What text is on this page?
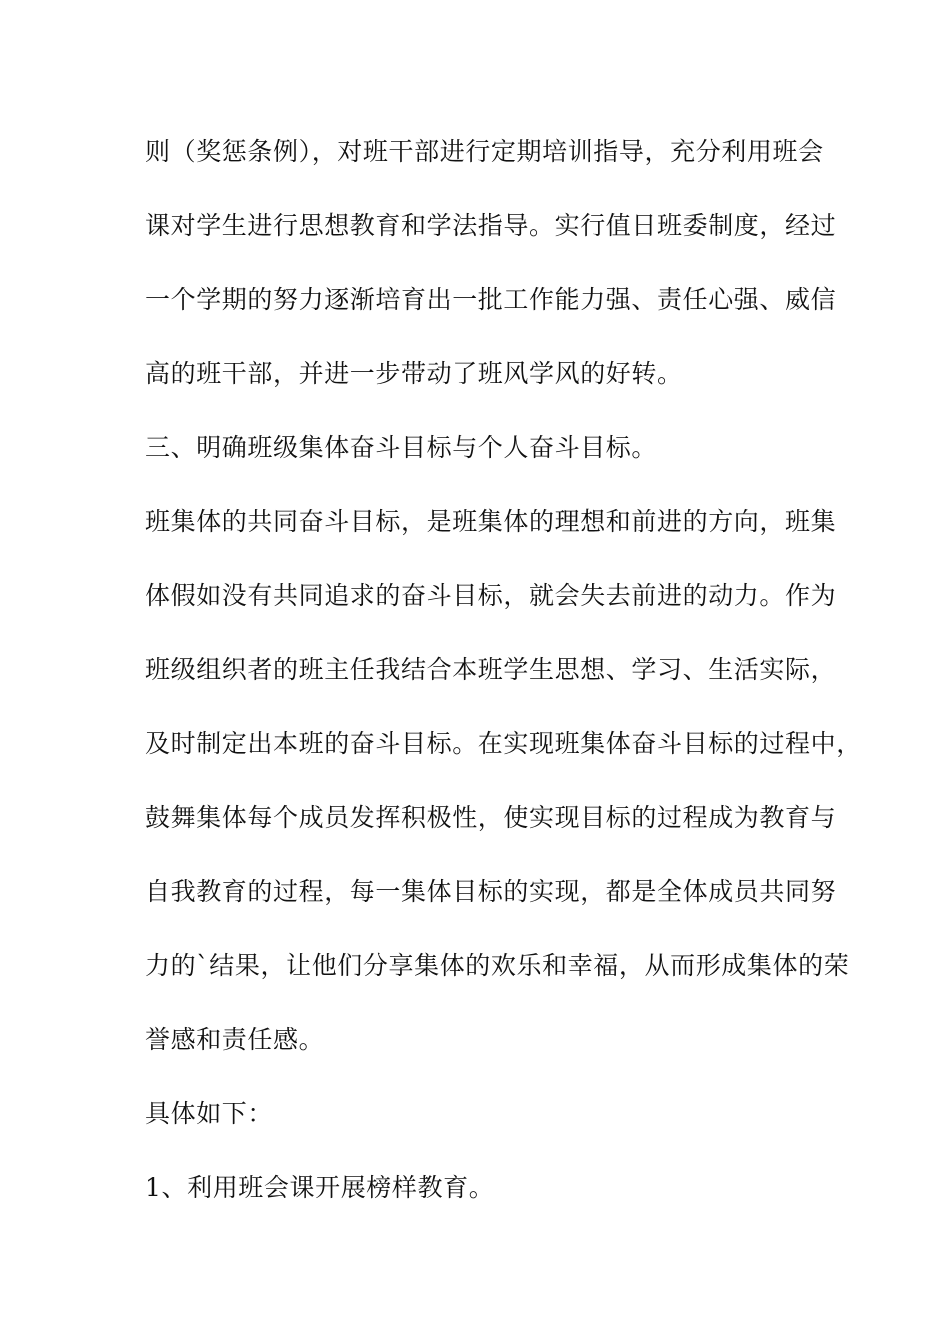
则（奖惩条例），对班干部进行定期培训指导，充分利用班会
课对学生进行思想教育和学法指导。实行值日班委制度，经过
一个学期的努力逐渐培育出一批工作能力强、责任心强、威信
高的班干部，并进一步带动了班风学风的好转。
三、明确班级集体奋斗目标与个人奋斗目标。
班集体的共同奋斗目标，是班集体的理想和前进的方向，班集
体假如没有共同追求的奋斗目标，就会失去前进的动力。作为
班级组织者的班主任我结合本班学生思想、学习、生活实际，
及时制定出本班的奋斗目标。在实现班集体奋斗目标的过程中，
鼓舞集体每个成员发挥积极性，使实现目标的过程成为教育与
自我教育的过程，每一集体目标的实现，都是全体成员共同努
力的`结果，让他们分享集体的欢乐和幸福，从而形成集体的荣
誉感和责任感。
具体如下：
1、利用班会课开展榜样教育。
